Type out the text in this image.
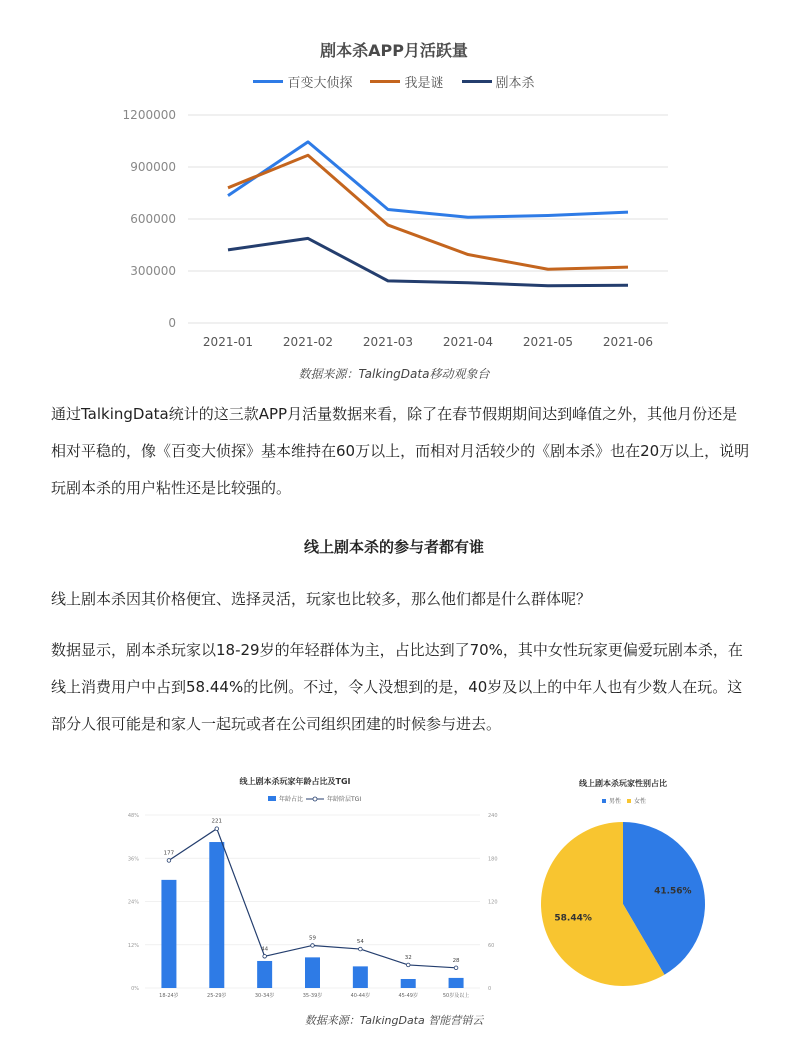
剧本杀APP月活跃量
百变大侦探	我是谜	剧本杀
0
300000
600000
900000
1200000
2021-01 2021-02 2021-03 2021-04 2021-05 2021-06
数据来源：TalkingData移动观象台
通过TalkingData统计的这三款APP月活量数据来看，除了在春节假期期间达到峰值之外，其他月份还是相对平稳的，像《百变大侦探》基本维持在60万以上，而相对月活较少的《剧本杀》也在20万以上，说明玩剧本杀的用户粘性还是比较强的。
线上剧本杀的参与者都有谁
线上剧本杀因其价格便宜、选择灵活，玩家也比较多，那么他们都是什么群体呢？
数据显示，剧本杀玩家以18-29岁的年轻群体为主，占比达到了70%，其中女性玩家更偏爱玩剧本杀，在线上消费用户中占到58.44%的比例。不过，令人没想到的是，40岁及以上的中年人也有少数人在玩。这部分人很可能是和家人一起玩或者在公司组织团建的时候参与进去。
线上剧本杀玩家年龄占比及TGI
年龄占比	年龄阶层TGI
0%
12%
24%
36%
48%
0
60
120
180
240
177
221
44
59
54
32	28
18-24岁	25-29岁	30-34岁	35-39岁	40-44岁	45-49岁	50岁及以上
线上剧本杀玩家性别占比
男性 女性
41.56%
58.44%
数据来源：TalkingData 智能营销云
